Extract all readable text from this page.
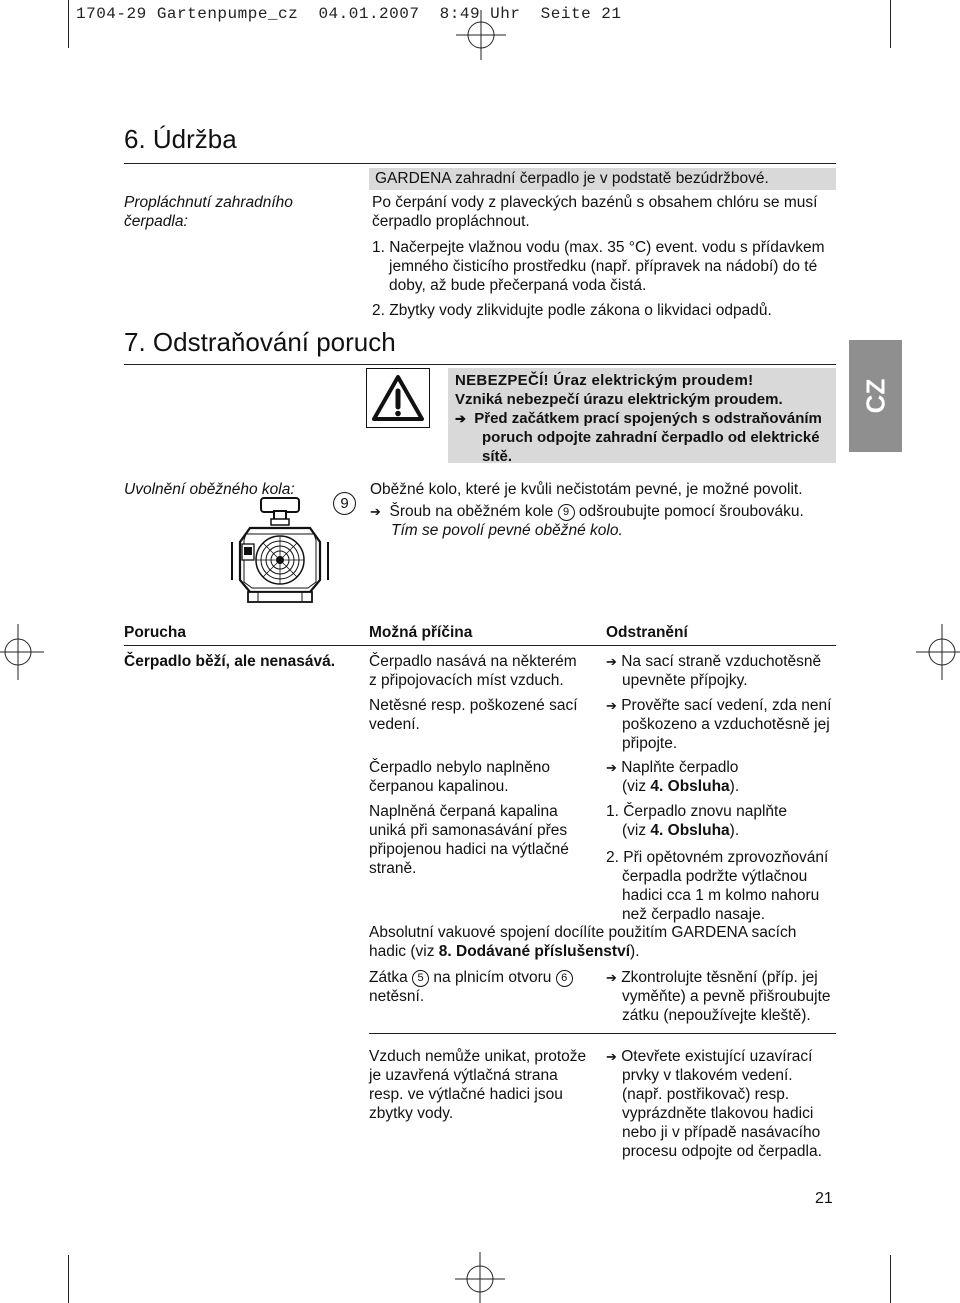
1704-29 Gartenpumpe_cz  04.01.2007  8:49 Uhr  Seite 21
6. Údržba
GARDENA zahradní čerpadlo je v podstatě bezúdržbové.
Propláchnutí zahradního
čerpadla:
Po čerpání vody z plaveckých bazénů s obsahem chlóru se musí
čerpadlo propláchnout.
1. Načerpejte vlažnou vodu (max. 35 °C) event. vodu s přídavkem
jemného čisticího prostředku (např. přípravek na nádobí) do té
doby, až bude přečerpaná voda čistá.
2. Zbytky vody zlikvidujte podle zákona o likvidaci odpadů.
7. Odstraňování poruch
NEBEZPEČÍ! Úraz elektrickým proudem!
Vzniká nebezpečí úrazu elektrickým proudem.
➔ Před začátkem prací spojených s odstraňováním
poruch odpojte zahradní čerpadlo od elektrické
sítě.
CZ
Uvolnění oběžného kola:
9
Oběžné kolo, které je kvůli nečistotám pevné, je možné povolit.
➔ Šroub na oběžném kole 9 odšroubujte pomocí šroubováku.
Tím se povolí pevné oběžné kolo.
Porucha	Možná příčina	Odstranění
Čerpadlo běží, ale nenasává. Čerpadlo nasává na některém
z připojovacích míst vzduch.
➔ Na sací straně vzduchotěsně
upevněte přípojky.
Netěsné resp. poškozené sací
vedení.
➔ Prověřte sací vedení, zda není
poškozeno a vzduchotěsně jej
připojte.
Čerpadlo nebylo naplněno
čerpanou kapalinou.
➔ Naplňte čerpadlo
(viz 4. Obsluha).
Naplněná čerpaná kapalina
uniká při samonasávání přes
připojenou hadici na výtlačné
straně.
1. Čerpadlo znovu naplňte
(viz 4. Obsluha).
2. Při opětovném zprovozňování
čerpadla podržte výtlačnou
hadici cca 1 m kolmo nahoru
než čerpadlo nasaje.
Absolutní vakuové spojení docílíte použitím GARDENA sacích
hadic (viz 8. Dodávané příslušenství).
Zátka 5 na plnicím otvoru 6
netěsní.
➔ Zkontrolujte těsnění (příp. jej
vyměňte) a pevně přišroubujte
zátku (nepoužívejte kleště).
Vzduch nemůže unikat, protože
je uzavřená výtlačná strana
resp. ve výtlačné hadici jsou
zbytky vody.
➔ Otevřete existující uzavírací
prvky v tlakovém vedení.
(např. postřikovač) resp.
vyprázdněte tlakovou hadici
nebo ji v případě nasávacího
procesu odpojte od čerpadla.
21
